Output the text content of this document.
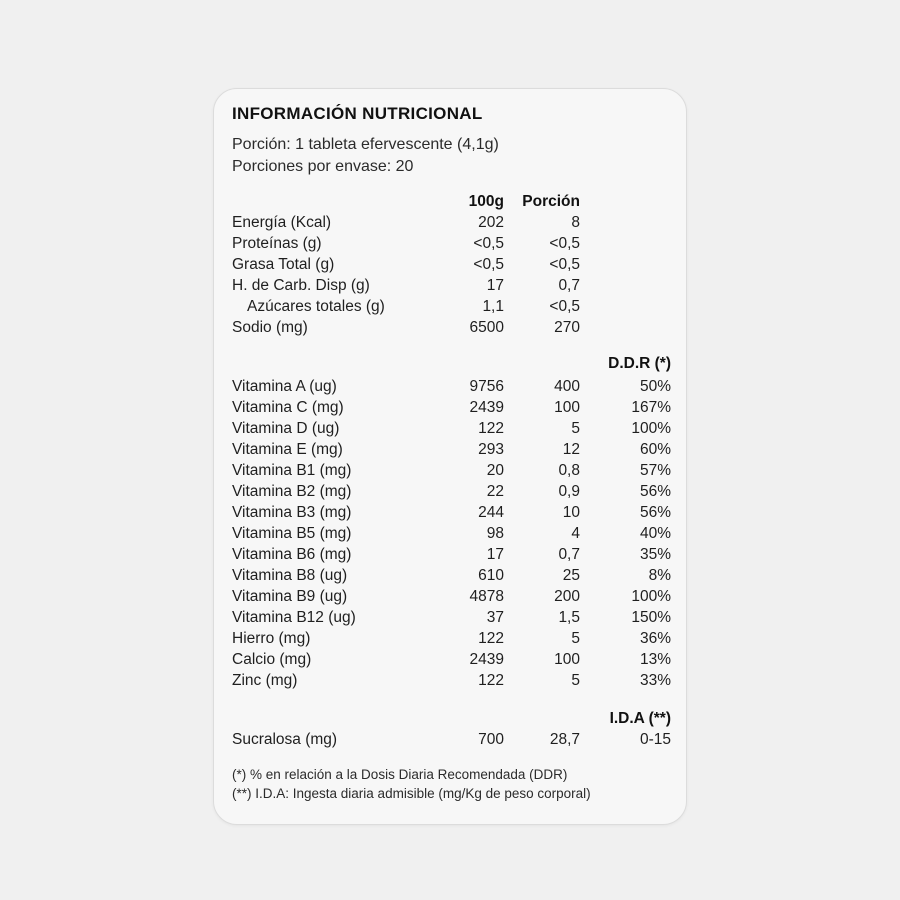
INFORMACIÓN NUTRICIONAL
Porción: 1 tableta efervescente (4,1g)
Porciones por envase: 20
100g	Porción
Energía (Kcal)	202	8
Proteínas (g)	<0,5	<0,5
Grasa Total (g)	<0,5	<0,5
H. de Carb. Disp (g)	17	0,7
Azúcares totales (g)	1,1	<0,5
Sodio (mg)	6500	270
D.D.R (*)
Vitamina A (ug)	9756	400	50%
Vitamina C (mg)	2439	100	167%
Vitamina D (ug)	122	5	100%
Vitamina E (mg)	293	12	60%
Vitamina B1 (mg)	20	0,8	57%
Vitamina B2 (mg)	22	0,9	56%
Vitamina B3 (mg)	244	10	56%
Vitamina B5 (mg)	98	4	40%
Vitamina B6 (mg)	17	0,7	35%
Vitamina B8 (ug)	610	25	8%
Vitamina B9 (ug)	4878	200	100%
Vitamina B12 (ug)	37	1,5	150%
Hierro (mg)	122	5	36%
Calcio (mg)	2439	100	13%
Zinc (mg)	122	5	33%
I.D.A (**)
Sucralosa (mg)	700	28,7	0-15
(*) % en relación a la Dosis Diaria Recomendada (DDR)
(**) I.D.A: Ingesta diaria admisible (mg/Kg de peso corporal)
